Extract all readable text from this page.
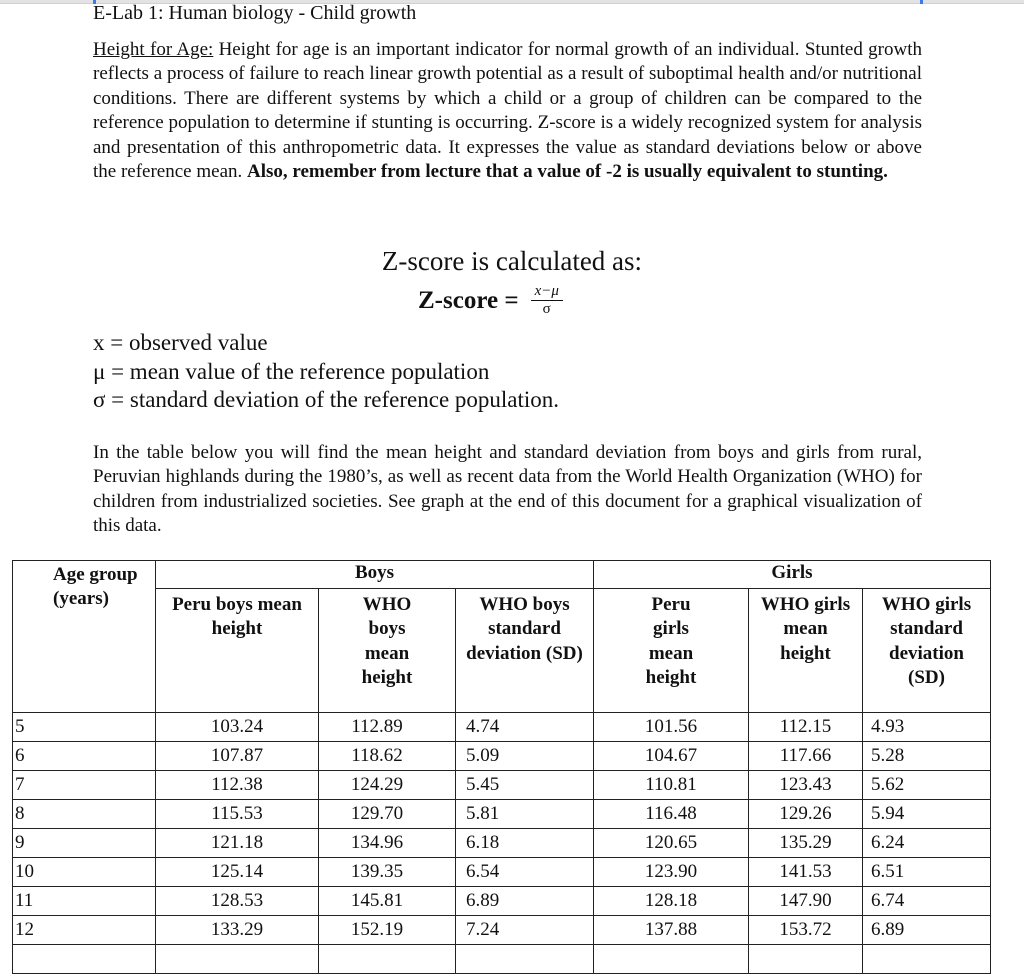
E-Lab 1: Human biology - Child growth
Height for Age: Height for age is an important indicator for normal growth of an individual. Stunted growth reflects a process of failure to reach linear growth potential as a result of suboptimal health and/or nutritional conditions. There are different systems by which a child or a group of children can be compared to the reference population to determine if stunting is occurring. Z-score is a widely recognized system for analysis and presentation of this anthropometric data. It expresses the value as standard deviations below or above the reference mean. Also, remember from lecture that a value of -2 is usually equivalent to stunting.
Z-score is calculated as:
Z-score = $\frac{x-\mu}{\sigma}$
x = observed value
μ = mean value of the reference population
σ = standard deviation of the reference population.
In the table below you will find the mean height and standard deviation from boys and girls from rural, Peruvian highlands during the 1980’s, as well as recent data from the World Health Organization (WHO) for children from industrialized societies. See graph at the end of this document for a graphical visualization of this data.
Age group (years)	Boys			Girls		
	Peru boys mean height	WHO boys mean height	WHO boys standard deviation (SD)	Peru girls mean height	WHO girls mean height	WHO girls standard deviation (SD)
5	103.24	112.89	4.74	101.56	112.15	4.93
6	107.87	118.62	5.09	104.67	117.66	5.28
7	112.38	124.29	5.45	110.81	123.43	5.62
8	115.53	129.70	5.81	116.48	129.26	5.94
9	121.18	134.96	6.18	120.65	135.29	6.24
10	125.14	139.35	6.54	123.90	141.53	6.51
11	128.53	145.81	6.89	128.18	147.90	6.74
12	133.29	152.19	7.24	137.88	153.72	6.89
